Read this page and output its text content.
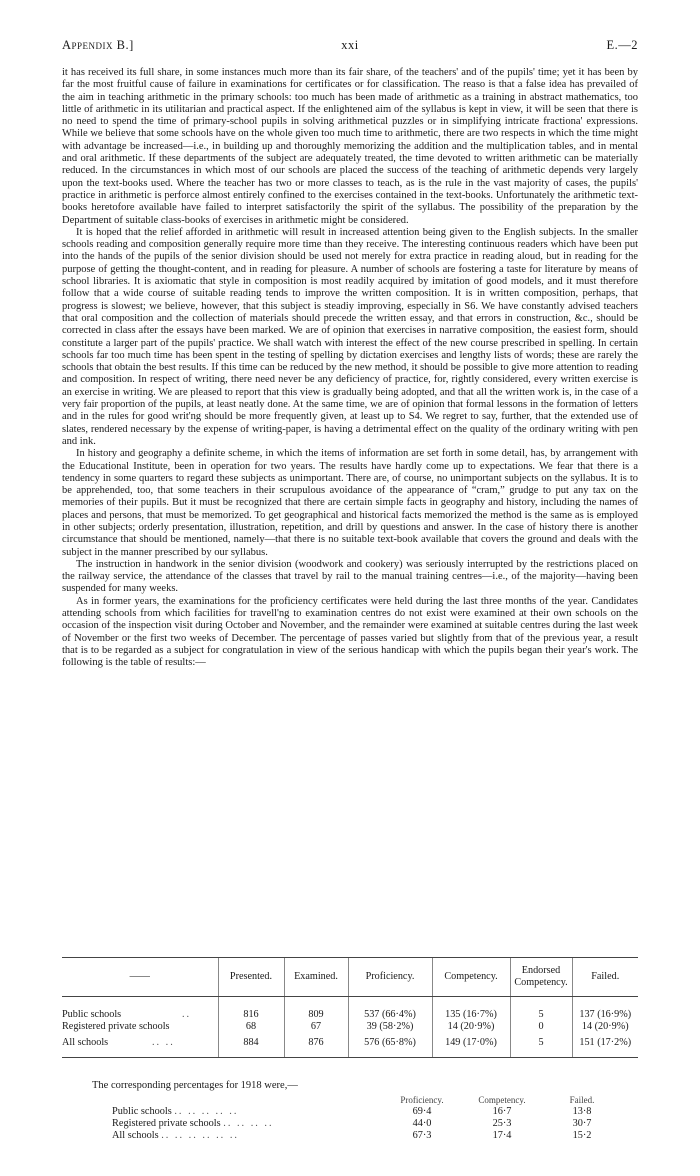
Appendix B.]	xxi	E.—2

it has received its full share, in some instances much more than its fair share, of the teachers' and of the pupils' time; yet it has been by far the most fruitful cause of failure in examinations for certificates or for classification. The reaso is that a false idea has prevailed of the aim in teaching arithmetic in the primary schools: too much has been made of arithmetic as a training in abstract mathematics, too little of arithmetic in its utilitarian and practical aspect. If the enlightened aim of the syllabus is kept in view, it will be seen that there is no need to spend the time of primary-school pupils in solving arithmetical puzzles or in simplifying intricate fractiona' expressions. While we believe that some schools have on the whole given too much time to arithmetic, there are two respects in which the time might with advantage be increased—i.e., in building up and thoroughly memorizing the addition and the multiplication tables, and in mental and oral arithmetic. If these departments of the subject are adequately treated, the time devoted to written arithmetic can be materially reduced. In the circumstances in which most of our schools are placed the success of the teaching of arithmetic depends very largely upon the text-books used. Where the teacher has two or more classes to teach, as is the rule in the vast majority of cases, the pupils' practice in arithmetic is perforce almost entirely confined to the exercises contained in the text-books. Unfortunately the arithmetic text-books heretofore available have failed to interpret satisfactorily the spirit of the syllabus. The possibility of the preparation by the Department of suitable class-books of exercises in arithmetic might be considered.

It is hoped that the relief afforded in arithmetic will result in increased attention being given to the English subjects. In the smaller schools reading and composition generally require more time than they receive. The interesting continuous readers which have been put into the hands of the pupils of the senior division should be used not merely for extra practice in reading aloud, but in reading for the purpose of getting the thought-content, and in reading for pleasure. A number of schools are fostering a taste for literature by means of school libraries. It is axiomatic that style in composition is most readily acquired by imitation of good models, and it must therefore follow that a wide course of suitable reading tends to improve the written composition. It is in written composition, perhaps, that progress is slowest; we believe, however, that this subject is steadiy improving, especially in S6. We have constantly advised teachers that oral composition and the collection of materials should precede the written essay, and that errors in construction, &c., should be corrected in class after the essays have been marked. We are of opinion that exercises in narrative composition, the easiest form, should constitute a larger part of the pupils' practice. We shall watch with interest the effect of the new course prescribed in spelling. In certain schools far too much time has been spent in the testing of spelling by dictation exercises and lengthy lists of words; these are rarely the schools that obtain the best results. If this time can be reduced by the new method, it should be possible to give more attention to reading and composition. In respect of writing, there need never be any deficiency of practice, for, rightly considered, every written exercise is an exercise in writing. We are pleased to report that this view is gradually being adopted, and that all the written work is, in the case of a very fair proportion of the pupils, at least neatly done. At the same time, we are of opinion that formal lessons in the formation of letters and in the rules for good writ'ng should be more frequently given, at least up to S4. We regret to say, further, that the extended use of slates, rendered necessary by the expense of writing-paper, is having a detrimental effect on the quality of the ordinary writing with pen and ink.

In history and geography a definite scheme, in which the items of information are set forth in some detail, has, by arrangement with the Educational Institute, been in operation for two years. The results have hardly come up to expectations. We fear that there is a tendency in some quarters to regard these subjects as unimportant. There are, of course, no unimportant subjects on the syllabus. It is to be apprehended, too, that some teachers in their scrupulous avoidance of the appearance of “cram,” grudge to put any tax on the memories of their pupils. But it must be recognized that there are certain simple facts in geography and history, including the names of places and persons, that must be memorized. To get geographical and historical facts memorized the method is the same as is employed in other subjects; orderly presentation, illustration, repetition, and drill by questions and answer. In the case of history there is another circumstance that should be mentioned, namely—that there is no suitable text-book available that covers the ground and deals with the subject in the manner prescribed by our syllabus.

The instruction in handwork in the senior division (woodwork and cookery) was seriously interrupted by the restrictions placed on the railway service, the attendance of the classes that travel by rail to the manual training centres—i.e., of the majority—having been suspended for many weeks.

As in former years, the examinations for the proficiency certificates were held during the last three months of the year. Candidates attending schools from which facilities for travell'ng to examination centres do not exist were examined at their own schools on the occasion of the inspection visit during October and November, and the remainder were examined at suitable centres during the last week of November or the first two weeks of December. The percentage of passes varied but slightly from that of the previous year, a result that is to be regarded as a subject for congratulation in view of the serious handicap with which the pupils began their year's work. The following is the table of results:—

——	Presented.	Examined.	Proficiency.	Competency.	Endorsed Competency.	Failed.
Public schools ..	816	809	537 (66·4%)	135 (16·7%)	5	137 (16·9%)
Registered private schools	68	67	39 (58·2%)	14 (20·9%)	0	14 (20·9%)
All schools .. ..	884	876	576 (65·8%)	149 (17·0%)	5	151 (17·2%)
The corresponding percentages for 1918 were,—
	Proficiency.	Competency.	Failed.
Public schools .. .. .. .. ..	69·4	16·7	13·8
Registered private schools .. .. .. ..	44·0	25·3	30·7
All schools .. .. .. .. .. ..	67·3	17·4	15·2
